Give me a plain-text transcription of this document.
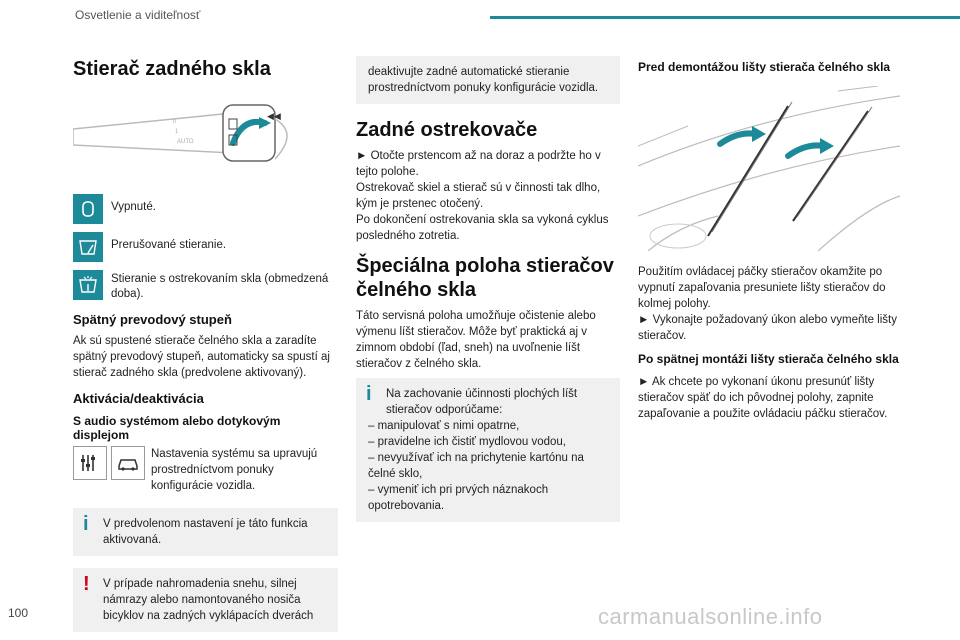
Osvetlenie a viditeľnosť
Stierač zadného skla
0
1
AUTO
◀◀
Vypnuté.
Prerušované stieranie.
Stieranie s ostrekovaním skla (obmedzená doba).
Spätný prevodový stupeň

Ak sú spustené stierače čelného skla a zaradíte spätný prevodový stupeň, automaticky sa spustí aj stierač zadného skla (predvolene aktivovaný).

Aktivácia/deaktivácia
S audio systémom alebo dotykovým displejom

Nastavenia systému sa upravujú prostredníctvom ponuky konfigurácie vozidla.

i	V predvolenom nastavení je táto funkcia aktivovaná.
!	V prípade nahromadenia snehu, silnej námrazy alebo namontovaného nosiča bicyklov na zadných vyklápacích dverách
deaktivujte zadné automatické stieranie prostredníctvom ponuky konfigurácie vozidla.
Zadné ostrekovače

► Otočte prstencom až na doraz a podržte ho v tejto polohe.

Ostrekovač skiel a stierač sú v činnosti tak dlho, kým je prstenec otočený.

Po dokončení ostrekovania skla sa vykoná cyklus posledného zotretia.

Špeciálna poloha stieračov čelného skla

Táto servisná poloha umožňuje očistenie alebo výmenu líšt stieračov. Môže byť praktická aj v zimnom období (ľad, sneh) na uvoľnenie líšt stieračov z čelného skla.

i	Na zachovanie účinnosti plochých líšt stieračov odporúčame:
– manipulovať s nimi opatrne,
– pravidelne ich čistiť mydlovou vodou,
– nevyužívať ich na prichytenie kartónu na čelné sklo,
– vymeniť ich pri prvých náznakoch opotrebovania.
Pred demontážou lišty stierača čelného skla

Použitím ovládacej páčky stieračov okamžite po vypnutí zapaľovania presuniete lišty stieračov do kolmej polohy.

► Vykonajte požadovaný úkon alebo vymeňte lišty stieračov.

Po spätnej montáži lišty stierača čelného skla

► Ak chcete po vykonaní úkonu presunúť lišty stieračov späť do ich pôvodnej polohy, zapnite zapaľovanie a použite ovládaciu páčku stieračov.

100	carmanualsonline.info
